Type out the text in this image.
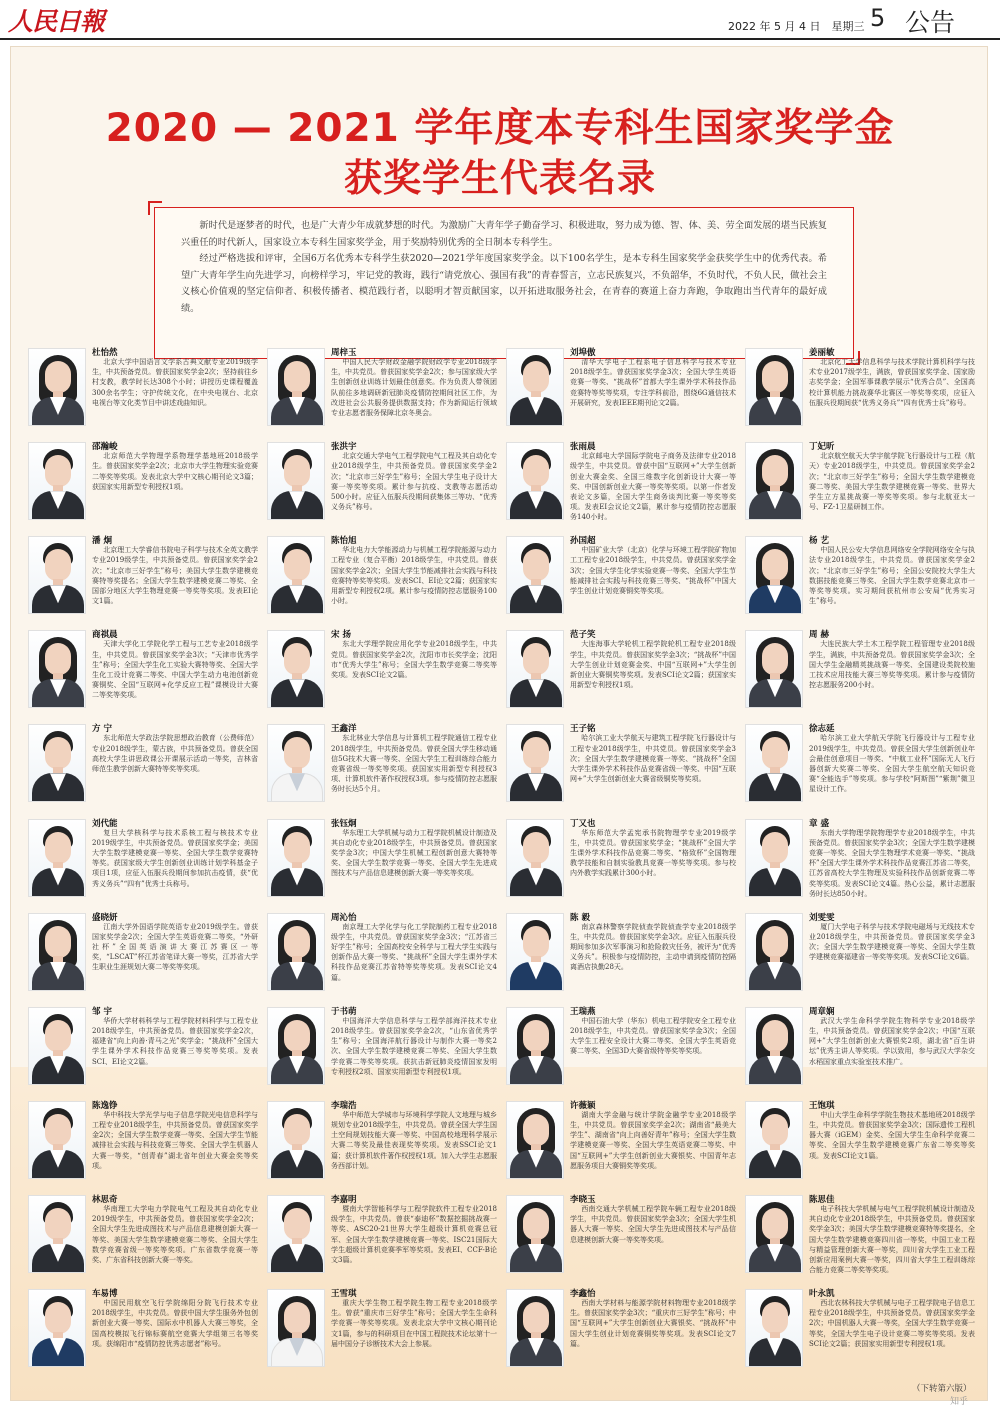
人民日報	2022 年 5 月 4 日　星期三 5 公告
2020 — 2021 学年度本专科生国家奖学金
获奖学生代表名录

新时代是逐梦者的时代，也是广大青少年成就梦想的时代。为激励广大青年学子勤奋学习、积极进取，努力成为德、智、体、美、劳全面发展的堪当民族复兴重任的时代新人，国家设立本专科生国家奖学金，用于奖励特别优秀的全日制本专科学生。

经过严格选拔和评审，全国6万名优秀本专科学生获2020—2021学年度国家奖学金。以下100名学生，是本专科生国家奖学金获奖学生中的优秀代表。希望广大青年学生向先进学习，向榜样学习，牢记党的教诲，践行“请党放心、强国有我”的青春誓言，立志民族复兴，不负韶华，不负时代，不负人民，做社会主义核心价值观的坚定信仰者、积极传播者、模范践行者，以聪明才智贡献国家，以开拓进取服务社会，在青春的赛道上奋力奔跑，争取跑出当代青年的最好成绩。

杜怡然
北京大学中国语言文学系古典文献专业2019级学生，中共预备党员。曾获国家奖学金2次；坚持前往乡村支教，教学时长达308个小时；讲授历史课程覆盖300余名学生；守护传统文化，在中央电视台、北京电视台等文化类节目中讲述戏曲知识。
周梓玉
中国人民大学财政金融学院财政学专业2018级学生，中共党员。曾获国家奖学金2次；参与国家级大学生创新创业训练计划最佳创意奖。作为负责人带领团队前往多地调研新冠肺炎疫情防控期间社区工作，为改进社会公共服务提供数据支持；作为新闻运行领域专业志愿者服务保障北京冬奥会。
刘埠傲
清华大学电子工程系电子信息科学与技术专业2018级学生。曾获国家奖学金3次；全国大学生英语竞赛一等奖、“挑战杯”首都大学生课外学术科技作品竞赛特等奖等奖项，专注学科前沿，围绕6G通信技术开展研究，发表IEEE期刊论文2篇。
姜丽敏
北京化工大学信息科学与技术学院计算机科学与技术专业2017级学生，满族，曾获国家奖学金、国家励志奖学金；全国军事课教学展示“优秀合员”、全国高校计算机能力挑战赛华北赛区一等奖等奖项，应征入伍服兵役期间获“优秀义务兵”“四有优秀士兵”称号。
邵瀚峻
北京师范大学物理学系物理学基地班2018级学生。曾获国家奖学金2次；北京市大学生物理实验竞赛二等奖等奖项。发表北京大学中文核心期刊论文3篇；获国家实用新型专利授权1项。
张洪宇
北京交通大学电气工程学院电气工程及其自动化专业2018级学生，中共预备党员。曾获国家奖学金2次；“北京市三好学生”称号；全国大学生电子设计大赛一等奖等奖项。累计参与抗疫、支教等志愿活动500小时。应征入伍服兵役期间获集体三等功、“优秀义务兵”称号。
张雨晨
北京邮电大学国际学院电子商务及法律专业2018级学生，中共党员。曾获中国“互联网+”大学生创新创业大赛金奖、全国三维数字化创新设计大赛一等奖、中国创新创业大赛一等奖等奖项。以第一作者发表论文多篇，全国大学生商务谈判比赛一等奖等奖项。发表EI会议论文2篇，累计参与疫情防控志愿服务140小时。
丁妃昕
北京航空航天大学宇航学院飞行器设计与工程（航天）专业2018级学生，中共党员。曾获国家奖学金2次；“北京市三好学生”称号；全国大学生数学建模竞赛二等奖、美国大学生数学建模竞赛一等奖、世界大学生立方星挑战赛一等奖等奖项。参与北航亚太一号、FZ-1卫星研制工作。
潘 炯
北京理工大学睿信书院电子科学与技术全英文教学专业2019级学生，中共预备党员。曾获国家奖学金2次；“北京市三好学生”称号；美国大学生数学建模竞赛特等奖提名；全国大学生数学建模竞赛二等奖、全国部分地区大学生物理竞赛一等奖等奖项。发表EI论文1篇。
陈怡旭
华北电力大学能源动力与机械工程学院能源与动力工程专业（复合平衡）2018级学生，中共党员。曾获国家奖学金2次；全国大学生节能减排社会实践与科技竞赛特等奖等奖项。发表SCI、EI论文2篇；获国家实用新型专利授权2项。累计参与疫情防控志愿服务100小时。
孙国超
中国矿业大学（北京）化学与环境工程学院矿物加工工程专业2018级学生，中共党员。曾获国家奖学金3次；全国大学生化学实验竞赛一等奖、全国大学生节能减排社会实践与科技竞赛三等奖、“挑战杯”中国大学生创业计划竞赛铜奖等奖项。
杨 艺
中国人民公安大学信息网络安全学院网络安全与执法专业2018级学生，中共党员。曾获国家奖学金2次；“北京市三好学生”称号；全国公安院校大学生大数据技能竞赛三等奖、全国大学生数学竞赛北京市一等奖等奖项。实习期间获杭州市公安局“优秀实习生”称号。
商祺晨
天津大学化工学院化学工程与工艺专业2018级学生，中共党员。曾获国家奖学金3次；“天津市优秀学生”称号；全国大学生化工实验大赛特等奖、全国大学生化工设计竞赛二等奖、中国大学生动力电池创新竞赛铜奖、全国“互联网+化学反应工程”课模设计大赛二等奖等奖项。
宋 扬
东北大学理学院应用化学专业2018级学生，中共党员。曾获国家奖学金2次，沈阳市市长奖学金；沈阳市“优秀大学生”称号；全国大学生数学竞赛二等奖等奖项。发表SCI论文2篇。
范子笑
大连海事大学轮机工程学院轮机工程专业2018级学生，中共党员。曾获国家奖学金3次；“挑战杯”中国大学生创业计划竞赛金奖、中国“互联网+”大学生创新创业大赛铜奖等奖项。发表SCI论文2篇；获国家实用新型专利授权1项。
周 赫
大连民族大学土木工程学院工程管理专业2018级学生，满族，中共预备党员。曾获国家奖学金3次；全国大学生金融精英挑战赛一等奖、全国建设类院校施工技术应用技能大赛三等奖等奖项。累计参与疫情防控志愿服务200小时。
方 宁
东北师范大学政法学院思想政治教育（公费师范）专业2018级学生，蒙古族，中共预备党员。曾获全国高校大学生讲思政课公开课展示活动一等奖，吉林省师范生教学创新大赛特等奖等奖项。
王鑫洋
东北林业大学信息与计算机工程学院通信工程专业2018级学生，中共预备党员。曾获全国大学生移动通信5G技术大赛一等奖、全国大学生工程训练综合能力竞赛省级一等奖等奖项。获国家实用新型专利授权3项、计算机软件著作权授权3项。参与疫情防控志愿服务时长达5个月。
王子铭
哈尔滨工业大学航天与建筑工程学院飞行器设计与工程专业2018级学生，中共党员。曾获国家奖学金3次；全国大学生数学建模竞赛一等奖、“挑战杯”全国大学生课外学术科技作品竞赛省级一等奖、中国“互联网+”大学生创新创业大赛省级铜奖等奖项。
徐志延
哈尔滨工业大学航天学院飞行器设计与工程专业2019级学生，中共党员。曾获全国大学生创新创业年会最佳创意项目一等奖、“中航工业杯”国际无人飞行器创新大奖赛二等奖、全国大学生航空航天知识竞赛“全能选手”等奖项。参与学校“阿斯图”“紫荆”微卫星设计工作。
刘代能
复旦大学核科学与技术系核工程与核技术专业2019级学生，中共预备党员。曾获国家奖学金；美国大学生数学建模竞赛一等奖、全国大学生数学竞赛特等奖。获国家级大学生创新创业训练计划学科基金子项目1项，应征入伍服兵役期间参加抗击疫情，获“优秀义务兵”“四有”优秀士兵称号。
张钰炯
华东理工大学机械与动力工程学院机械设计制造及其自动化专业2018级学生，中共预备党员。曾获国家奖学金3次；中国大学生机械工程创新创意大赛特等奖、全国大学生数学竞赛一等奖、全国大学生先进成图技术与产品信息建模创新大赛一等奖等奖项。
丁又也
华东师范大学孟宪承书院物理学专业2019级学生，中共党员。曾获国家奖学金；“挑战杯”全国大学生课外学术科技作品竞赛二等奖、“格致杯”全国物理教学技能和自制实验教具竞赛一等奖等奖项。参与校内外教学实践累计300小时。
章 盛
东南大学物理学院物理学专业2018级学生，中共预备党员。曾获国家奖学金3次；全国大学生数学建模竞赛一等奖、全国大学生物理学术竞赛一等奖、“挑战杯”全国大学生课外学术科技作品竞赛江苏省二等奖，江苏省高校大学生物理及实验科技作品创新竞赛二等奖等奖项。发表SCI论文4篇。热心公益，累计志愿服务时长达850小时。
盛晓妍
江南大学外国语学院英语专业2019级学生。曾获国家奖学金2次；全国大学生英语竞赛二等奖，“外研社杯”全国英语演讲大赛江苏赛区一等奖，“LSCAT”杯江苏省笔译大赛一等奖，江苏省大学生职业生涯规划大赛二等奖等奖项。
周沁怡
南京理工大学化学与化工学院制药工程专业2018级学生，中共党员。曾获国家奖学金3次；“江苏省三好学生”称号；全国高校安全科学与工程大学生实践与创新作品大赛一等奖、“挑战杯”全国大学生课外学术科技作品竞赛江苏省特等奖等奖项。发表SCI论文4篇。
陈 毅
南京森林警察学院侦查学院侦查学专业2018级学生，中共党员。曾获国家奖学金3次。应征入伍服兵役期间参加多次军事演习和抢险救灾任务，被评为“优秀义务兵”。积极参与疫情防控，主动申请到疫情防控隔离酒店执勤28天。
刘雯雯
厦门大学电子科学与技术学院电磁场与无线技术专业2018级学生，中共预备党员。曾获国家奖学金3次；全国大学生数学建模竞赛一等奖、全国大学生数学建模竞赛福建省一等奖等奖项。发表SCI论文6篇。
邹 宇
华侨大学材料科学与工程学院材料科学与工程专业2018级学生，中共预备党员。曾获国家奖学金2次，福建省“向上向善·青马之光”奖学金；“挑战杯”全国大学生课外学术科技作品竞赛三等奖等奖项。发表SCI、EI论文2篇。
于书萌
中国海洋大学信息科学与工程学部海洋技术专业2018级学生。曾获国家奖学金2次，“山东省优秀学生”称号；全国海洋航行器设计与制作大赛一等奖2次、全国大学生数学建模竞赛二等奖、全国大学生数学竞赛二等奖等奖项。获抗击新冠肺炎疫情国家发明专利授权2项、国家实用新型专利授权1项。
王瑞燕
中国石油大学（华东）机电工程学院安全工程专业2018级学生，中共党员。曾获国家奖学金3次；全国大学生工程安全设计大赛二等奖、全国大学生英语竞赛二等奖、全国3D大赛省级特等奖等奖项。
周章娴
武汉大学生命科学学院生物科学专业2018级学生，中共预备党员。曾获国家奖学金2次；中国“互联网+”大学生创新创业大赛银奖2项，湖北省“百生讲坛”优秀主讲人等奖项。学以致用，参与武汉大学杂交水稻国家重点实验室技术推广。
陈逸铮
华中科技大学光学与电子信息学院光电信息科学与工程专业2018级学生，中共预备党员。曾获国家奖学金2次；全国大学生数学竞赛一等奖、全国大学生节能减排社会实践与科技竞赛三等奖、全国大学生机器人大赛一等奖，“创青春”湖北省年创业大赛金奖等奖项。
李瑞浩
华中师范大学城市与环境科学学院人文地理与城乡规划专业2018级学生，中共党员。曾获全国大学生国土空间规划技能大赛一等奖、中国高校地理科学展示大赛二等奖及最佳表现奖等奖项。发表SSCI论文1篇；获计算机软件著作权授权1项。加入大学生志愿服务西部计划。
许薇颖
湖南大学金融与统计学院金融学专业2018级学生，中共党员。曾获国家奖学金2次；湖南省“最美大学生”、湖南省“向上向善好青年”称号；全国大学生数学建模竞赛一等奖、全国大学生英语竞赛二等奖、中国“互联网+”大学生创新创业大赛银奖、中国青年志愿服务项目大赛铜奖等奖项。
王饱琪
中山大学生命科学学院生物技术基地班2018级学生，中共党员。曾获国家奖学金3次；国际遗传工程机器大赛（iGEM）金奖、全国大学生生命科学竞赛二等奖、全国大学生数学建模竞赛广东省二等奖等奖项。发表SCI论文1篇。
林思奇
华南理工大学电力学院电气工程及其自动化专业2019级学生，中共预备党员。曾获国家奖学金2次；全国大学生先进成图技术与产品信息建模创新大赛一等奖、美国大学生数学建模竞赛二等奖、全国大学生数学竞赛省级一等奖等奖项。广东省数学竞赛一等奖、广东省科技创新大赛一等奖。
李嘉明
暨南大学智能科学与工程学院软件工程专业2018级学生，中共党员。曾获“泰迪杯”数据挖掘挑战赛一等奖、ASC20-21世界大学生超级计算机竞赛总冠军、全国大学生数学建模竞赛一等奖、ISC21国际大学生超级计算机竞赛季军等奖项。发表EI、CCF-B论文3篇。
李晓玉
西南交通大学机械工程学院车辆工程专业2018级学生，中共党员。曾获国家奖学金3次；全国大学生机器人大赛一等奖、全国大学生先进成图技术与产品信息建模创新大赛一等奖等奖项。
陈思佳
电子科技大学机械与电气工程学院机械设计制造及其自动化专业2018级学生，中共预备党员。曾获国家奖学金3次；美国大学生数学建模竞赛特等奖提名，全国大学生数学建模竞赛四川省一等奖，中国工业工程与精益管理创新大赛一等奖，四川省大学生工业工程创新应用案例大赛一等奖，四川省大学生工程训练综合能力竞赛二等奖等奖项。
车易博
中国民用航空飞行学院绵阳分院飞行技术专业2018级学生，中共党员。曾获中国大学生服务外包创新创业大赛一等奖、国际水中机器人大赛三等奖，全国高校模拟飞行锦标赛航空竞赛大学组第三名等奖项。获绵阳市“疫情防控优秀志愿者”称号。
王雪琪
重庆大学生物工程学院生物工程专业2018级学生。曾获“重庆市三好学生”称号；全国大学生生命科学竞赛一等奖等奖项。发表北京大学中文核心期刊论文1篇，参与的科研项目在中国工程院技术论坛第十一届中国分子诊断技术大会上参展。
李鑫怡
西南大学材料与能源学院材料物理专业2018级学生。曾获国家奖学金3次；“重庆市三好学生”称号；中国“互联网+”大学生创新创业大赛银奖、“挑战杯”中国大学生创业计划竞赛铜奖等奖项。发表SCI论文7篇。
叶永凯
西北农林科技大学机械与电子工程学院电子信息工程专业2018级学生，中共预备党员。曾获国家奖学金2次；中国机器人大赛一等奖，全国大学生数学竞赛一等奖，全国大学生电子设计竞赛二等奖等奖项。发表SCI论文2篇；获国家实用新型专利授权1项。
（下转第六版）
知乎
